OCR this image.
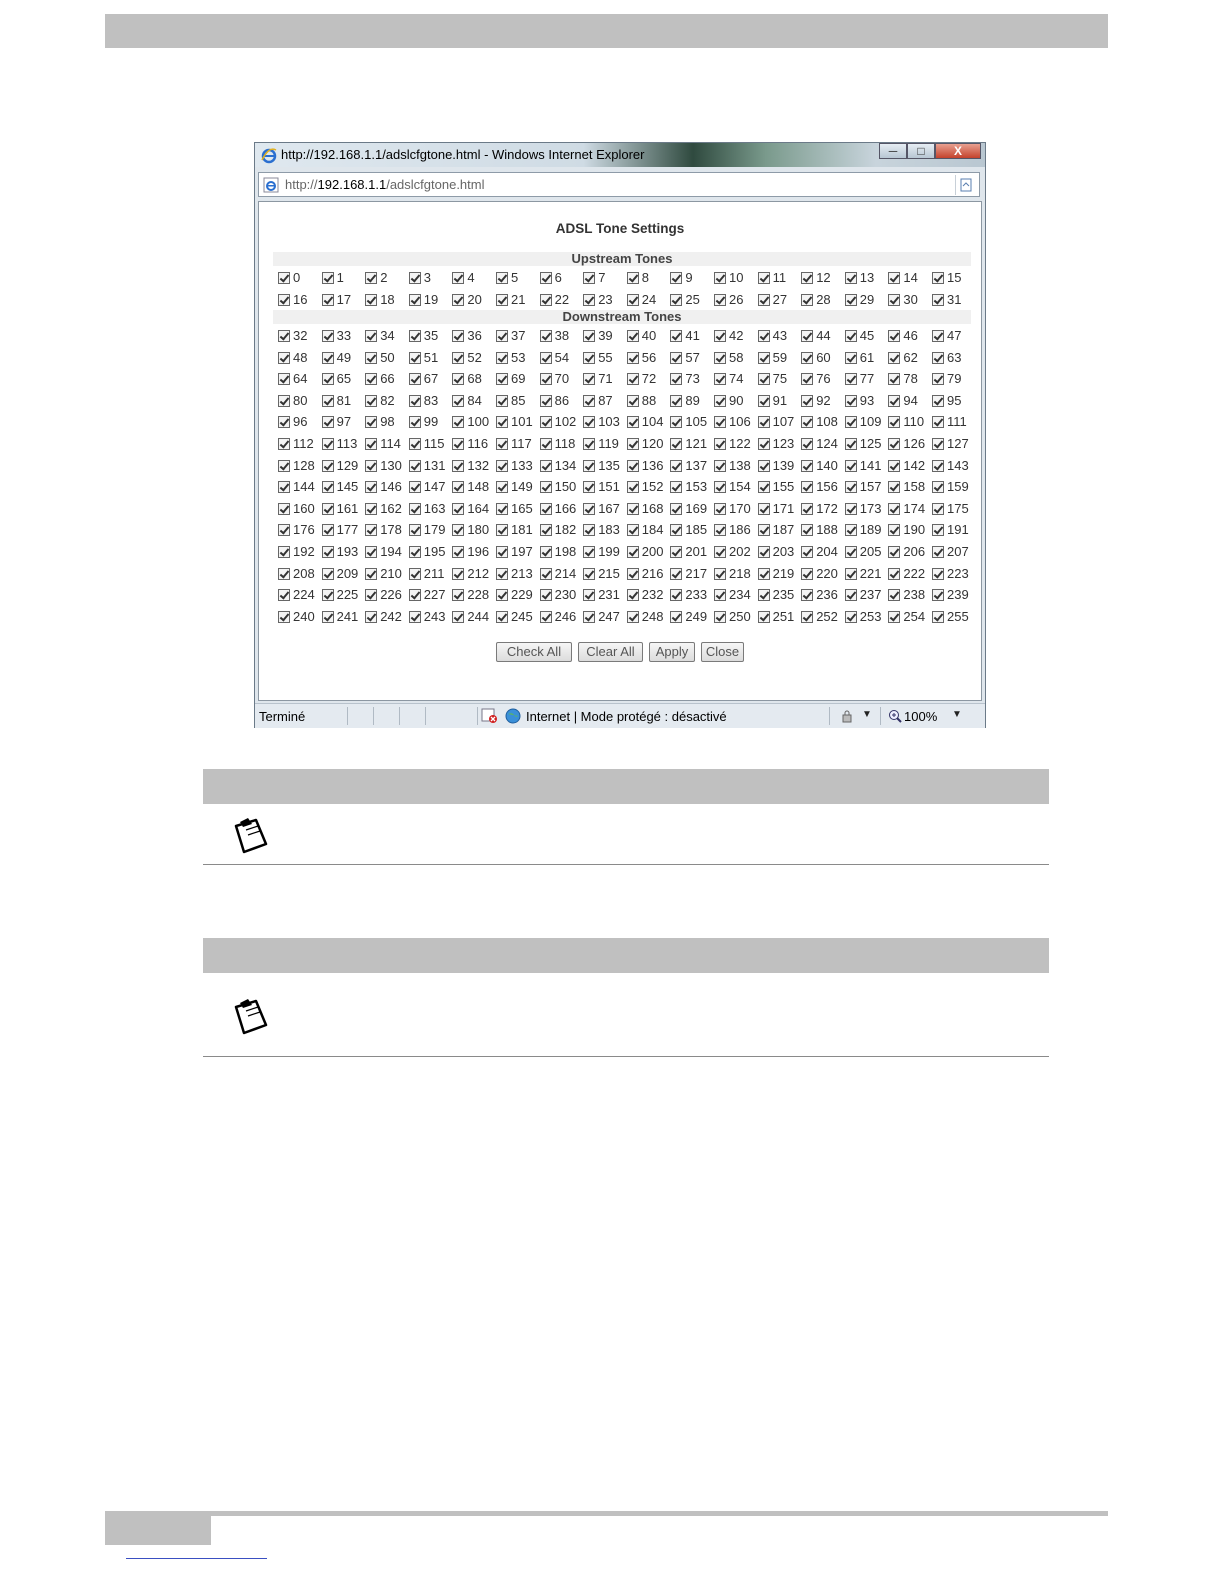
http://192.168.1.1/adslcfgtone.html - Windows Internet Explorer	─ □ X
http://192.168.1.1/adslcfgtone.html
ADSL Tone Settings
Upstream Tones
0	1	2	3	4	5	6	7	8	9	10 11 12 13 14 15
16 17 18 19 20 21 22 23 24 25 26 27 28 29 30 31
Downstream Tones
32 33 34 35 36 37 38 39 40 41 42 43 44 45 46 47
48 49 50 51 52 53 54 55 56 57 58 59 60 61 62 63
64 65 66 67 68 69 70 71 72 73 74 75 76 77 78 79
80 81 82 83 84 85 86 87 88 89 90 91 92 93 94 95
96 97 98 99 100 101 102 103 104 105 106 107 108 109 110 111
112 113 114 115 116 117 118 119 120 121 122 123 124 125 126 127
128 129 130 131 132 133 134 135 136 137 138 139 140 141 142 143
144 145 146 147 148 149 150 151 152 153 154 155 156 157 158 159
160 161 162 163 164 165 166 167 168 169 170 171 172 173 174 175
176 177 178 179 180 181 182 183 184 185 186 187 188 189 190 191
192 193 194 195 196 197 198 199 200 201 202 203 204 205 206 207
208 209 210 211 212 213 214 215 216 217 218 219 220 221 222 223
224 225 226 227 228 229 230 231 232 233 234 235 236 237 238 239
240 241 242 243 244 245 246 247 248 249 250 251 252 253 254 255
Check All	Clear All	Apply	Close
Terminé	Internet | Mode protégé : désactivé	▼ 100% ▼
